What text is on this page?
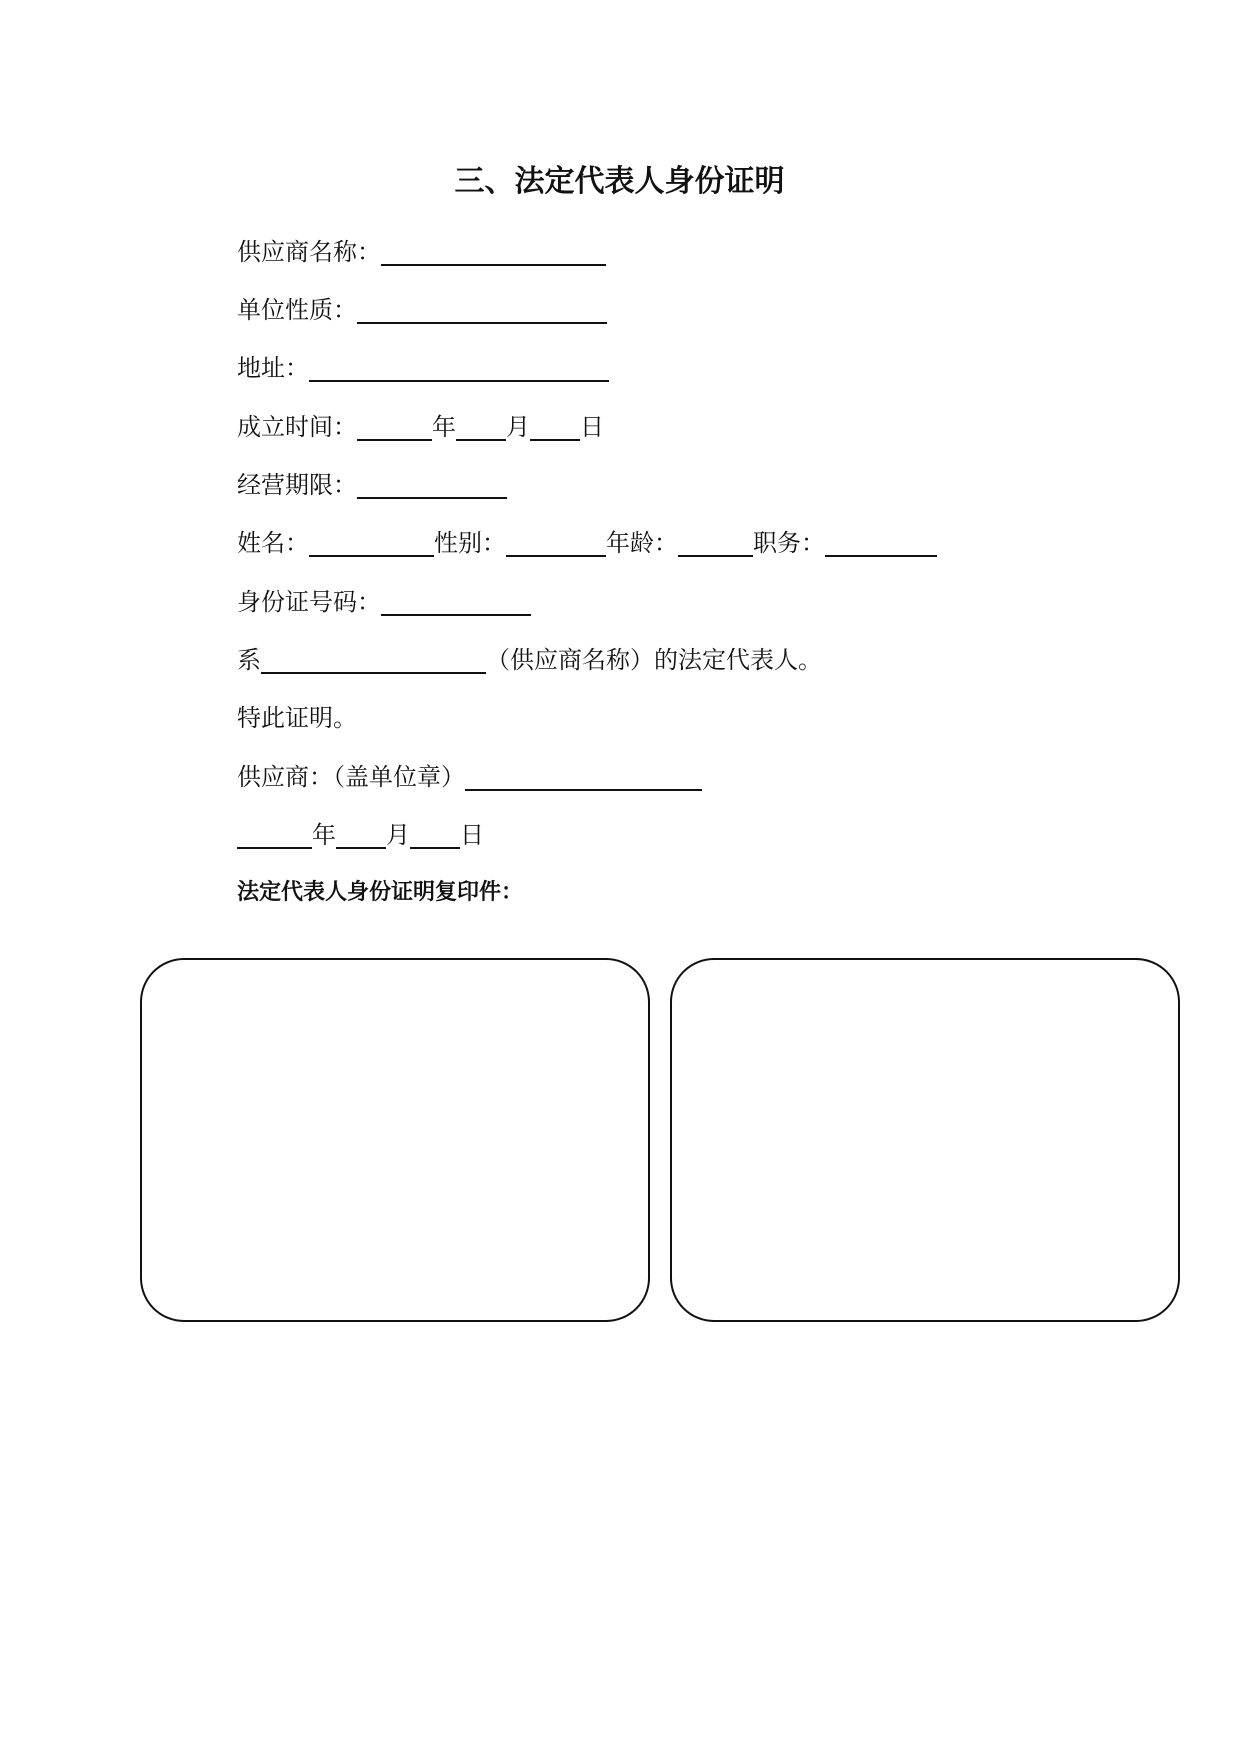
三、法定代表人身份证明
供应商名称：
单位性质：
地址：
成立时间：	年 月 日
经营期限：
姓名：	性别：	年龄：	职务：
身份证号码：
系	（供应商名称）的法定代表人。
特此证明。
供应商：（盖单位章）
年 月 日
法定代表人身份证明复印件：
